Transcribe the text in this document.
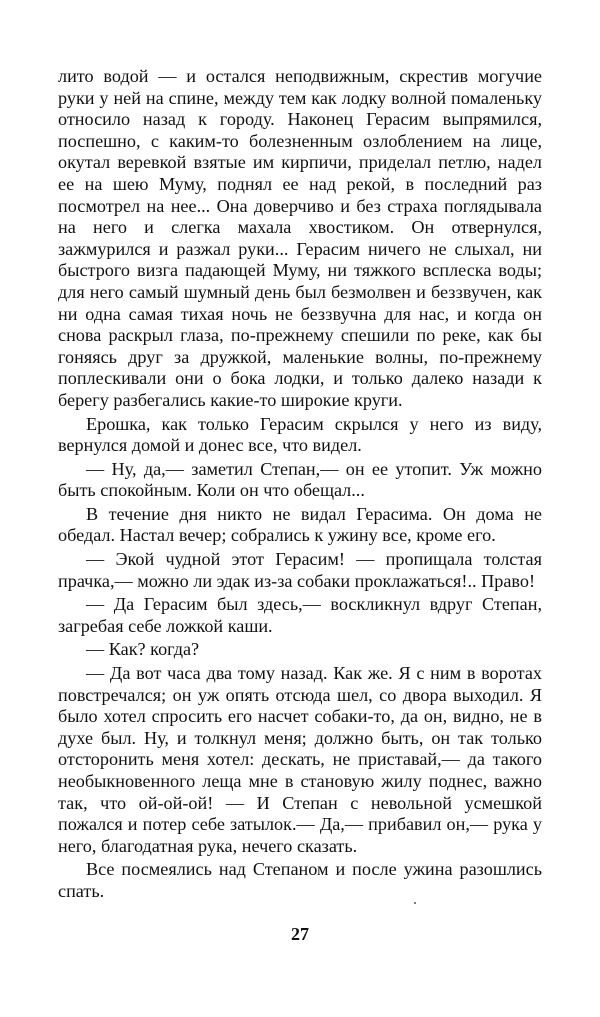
лито водой — и остался неподвижным, скрестив могучие руки у ней на спине, между тем как лодку волной помаленьку относило назад к городу. Наконец Герасим выпрямился, поспешно, с каким-то болезненным озлоблением на лице, окутал веревкой взятые им кирпичи, приделал петлю, надел ее на шею Муму, поднял ее над рекой, в последний раз посмотрел на нее... Она доверчиво и без страха поглядывала на него и слегка махала хвостиком. Он отвернулся, зажмурился и разжал руки... Герасим ничего не слыхал, ни быстрого визга падающей Муму, ни тяжкого всплеска воды; для него самый шумный день был безмолвен и беззвучен, как ни одна самая тихая ночь не беззвучна для нас, и когда он снова раскрыл глаза, по-прежнему спешили по реке, как бы гоняясь друг за дружкой, маленькие волны, по-прежнему поплескивали они о бока лодки, и только далеко назади к берегу разбегались какие-то широкие круги.

Ерошка, как только Герасим скрылся у него из виду, вернулся домой и донес все, что видел.

— Ну, да,— заметил Степан,— он ее утопит. Уж можно быть спокойным. Коли он что обещал...

В течение дня никто не видал Герасима. Он дома не обедал. Настал вечер; собрались к ужину все, кроме его.

— Экой чудной этот Герасим! — пропищала толстая прачка,— можно ли эдак из-за собаки проклажаться!.. Право!

— Да Герасим был здесь,— воскликнул вдруг Степан, загребая себе ложкой каши.

— Как? когда?

— Да вот часа два тому назад. Как же. Я с ним в воротах повстречался; он уж опять отсюда шел, со двора выходил. Я было хотел спросить его насчет собаки-то, да он, видно, не в духе был. Ну, и толкнул меня; должно быть, он так только отсторонить меня хотел: дескать, не приставай,— да такого необыкновенного леща мне в становую жилу поднес, важно так, что ой-ой-ой! — И Степан с невольной усмешкой пожался и потер себе затылок.— Да,— прибавил он,— рука у него, благодатная рука, нечего сказать.

Все посмеялись над Степаном и после ужина разошлись спать.

27
